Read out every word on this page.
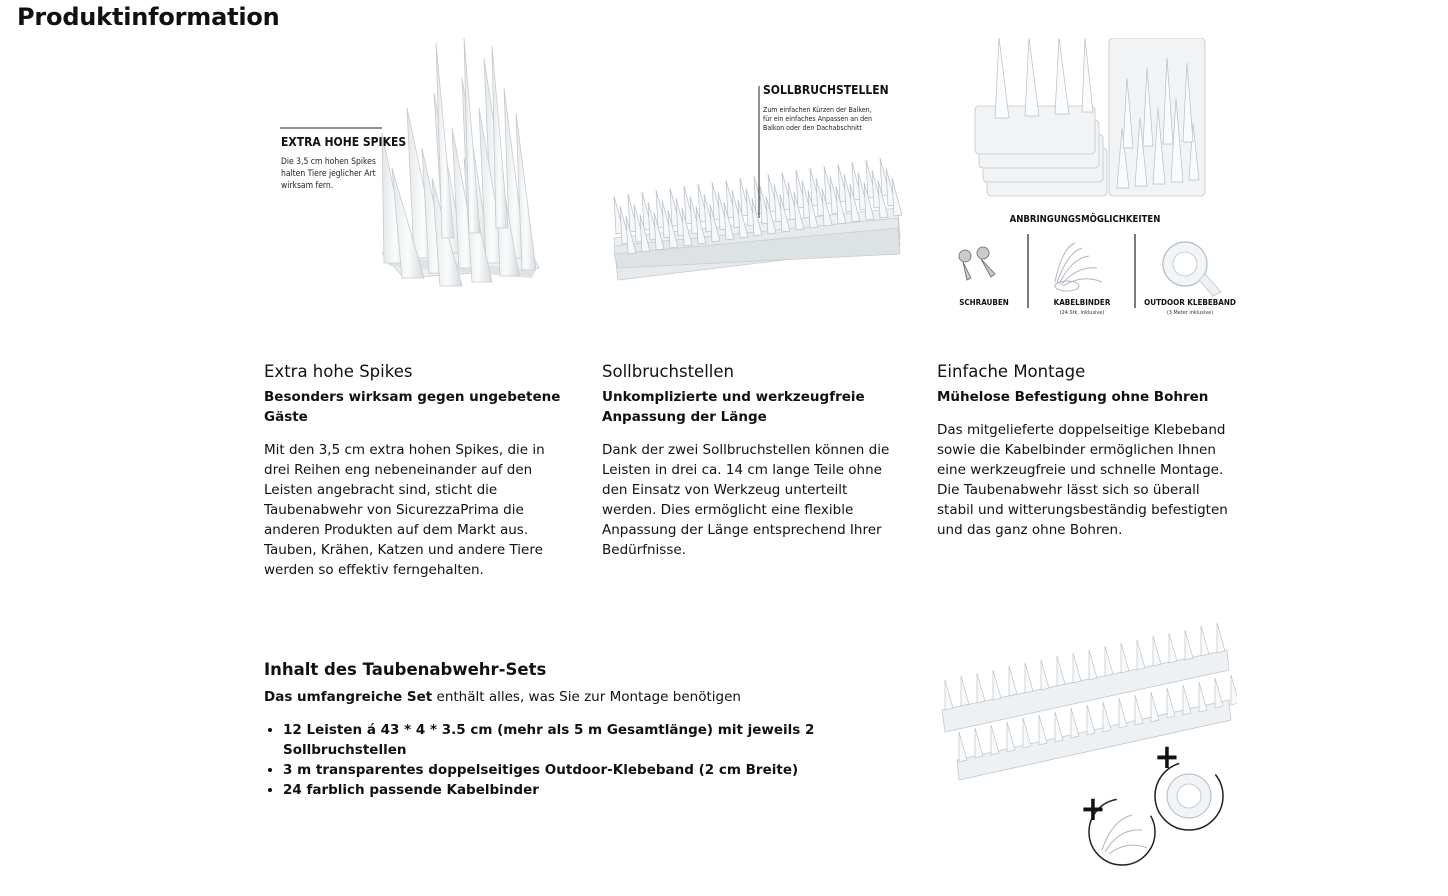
Produktinformation
EXTRA HOHE SPIKES
Die 3,5 cm hohen Spikes
halten Tiere jeglicher Art
wirksam fern.
SOLLBRUCHSTELLEN
Zum einfachen Kürzen der Balken,
für ein einfaches Anpassen an den
Balkon oder den Dachabschnitt
ANBRINGUNGSMÖGLICHKEITEN
SCHRAUBEN	KABELBINDER
(24 Stk. inklusive)
OUTDOOR KLEBEBAND
(3 Meter inklusive)
Extra hohe Spikes

Besonders wirksam gegen ungebetene Gäste

Mit den 3,5 cm extra hohen Spikes, die in drei Reihen eng nebeneinander auf den Leisten angebracht sind, sticht die Taubenabwehr von SicurezzaPrima die anderen Produkten auf dem Markt aus. Tauben, Krähen, Katzen und andere Tiere werden so effektiv ferngehalten.

Sollbruchstellen

Unkomplizierte und werkzeugfreie Anpassung der Länge

Dank der zwei Sollbruchstellen können die Leisten in drei ca. 14 cm lange Teile ohne den Einsatz von Werkzeug unterteilt werden. Dies ermöglicht eine flexible Anpassung der Länge entsprechend Ihrer Bedürfnisse.

Einfache Montage

Mühelose Befestigung ohne Bohren

Das mitgelieferte doppelseitige Klebeband sowie die Kabelbinder ermöglichen Ihnen eine werkzeugfreie und schnelle Montage. Die Taubenabwehr lässt sich so überall stabil und witterungsbeständig befestigten und das ganz ohne Bohren.

Inhalt des Taubenabwehr-Sets

Das umfangreiche Set enthält alles, was Sie zur Montage benötigen

• 12 Leisten á 43 * 4 * 3.5 cm (mehr als 5 m Gesamtlänge) mit jeweils 2 Sollbruchstellen
• 3 m transparentes doppelseitiges Outdoor-Klebeband (2 cm Breite)
• 24 farblich passende Kabelbinder
+
+
